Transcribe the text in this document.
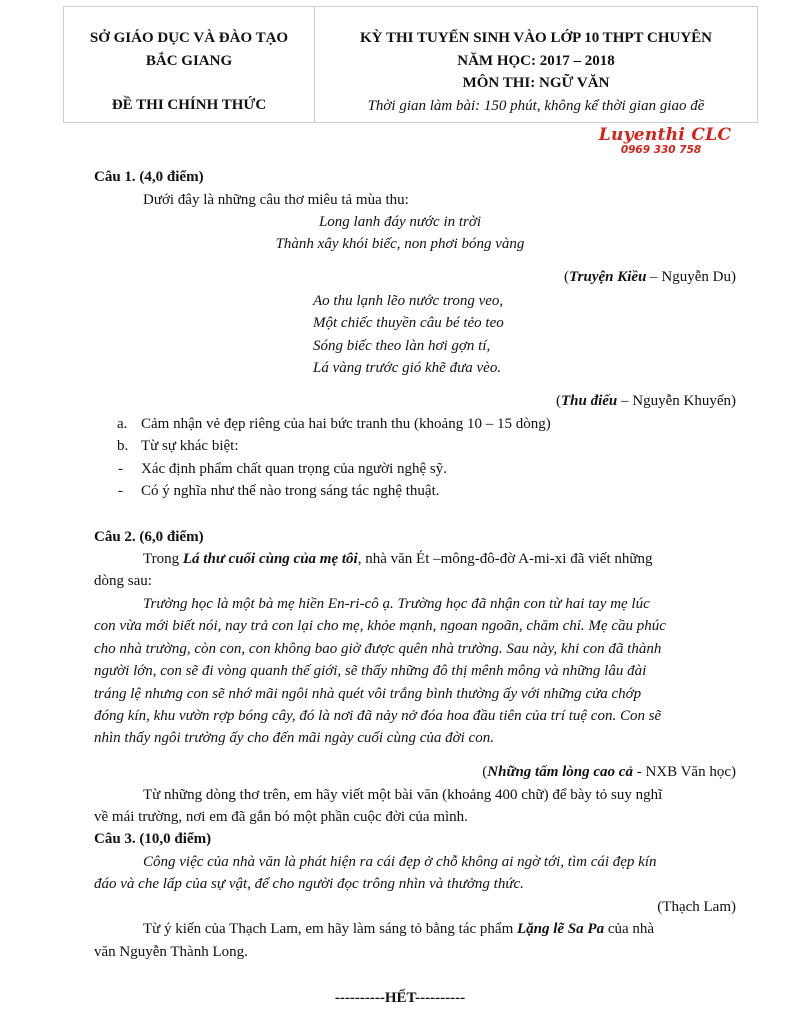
SỞ GIÁO DỤC VÀ ĐÀO TẠO
BẮC GIANG
ĐỀ THI CHÍNH THỨC
KỲ THI TUYỂN SINH VÀO LỚP 10 THPT CHUYÊN
NĂM HỌC: 2017 – 2018
MÔN THI: NGỮ VĂN
Thời gian làm bài: 150 phút, không kể thời gian giao đề
Luyenthi CLC
0969 330 758
Câu 1. (4,0 điểm)
Dưới đây là những câu thơ miêu tả mùa thu:
Long lanh đáy nước in trời
Thành xây khói biếc, non phơi bóng vàng
(Truyện Kiều – Nguyễn Du)
Ao thu lạnh lẽo nước trong veo,
Một chiếc thuyền câu bé tẻo teo
Sóng biếc theo làn hơi gợn tí,
Lá vàng trước gió khẽ đưa vèo.
(Thu điếu – Nguyễn Khuyến)
a. Cảm nhận vẻ đẹp riêng của hai bức tranh thu (khoảng 10 – 15 dòng)
b. Từ sự khác biệt:
- Xác định phẩm chất quan trọng của người nghệ sỹ.
- Có ý nghĩa như thế nào trong sáng tác nghệ thuật.
Câu 2. (6,0 điểm)
Trong Lá thư cuối cùng của mẹ tôi, nhà văn Ét –mông-đô-đờ A-mi-xi đã viết những
dòng sau:
Trường học là một bà mẹ hiền En-ri-cô ạ. Trường học đã nhận con từ hai tay mẹ lúc
con vừa mới biết nói, nay trả con lại cho mẹ, khỏe mạnh, ngoan ngoãn, chăm chỉ. Mẹ cầu phúc
cho nhà trường, còn con, con không bao giờ được quên nhà trường. Sau này, khi con đã thành
người lớn, con sẽ đi vòng quanh thế giới, sẽ thấy những đô thị mênh mông và những lâu đài
tráng lệ nhưng con sẽ nhớ mãi ngôi nhà quét vôi trắng bình thường ấy với những cửa chớp
đóng kín, khu vườn rợp bóng cây, đó là nơi đã nảy nở đóa hoa đầu tiên của trí tuệ con. Con sẽ
nhìn thấy ngôi trường ấy cho đến mãi ngày cuối cùng của đời con.
(Những tấm lòng cao cả - NXB Văn học)
Từ những dòng thơ trên, em hãy viết một bài văn (khoảng 400 chữ) để bày tỏ suy nghĩ
về mái trường, nơi em đã gắn bó một phần cuộc đời của mình.
Câu 3. (10,0 điểm)
Công việc của nhà văn là phát hiện ra cái đẹp ở chỗ không ai ngờ tới, tìm cái đẹp kín
đáo và che lấp của sự vật, để cho người đọc trông nhìn và thưởng thức.
(Thạch Lam)
Từ ý kiến của Thạch Lam, em hãy làm sáng tỏ bằng tác phẩm Lặng lẽ Sa Pa của nhà
văn Nguyễn Thành Long.
----------HẾT----------
